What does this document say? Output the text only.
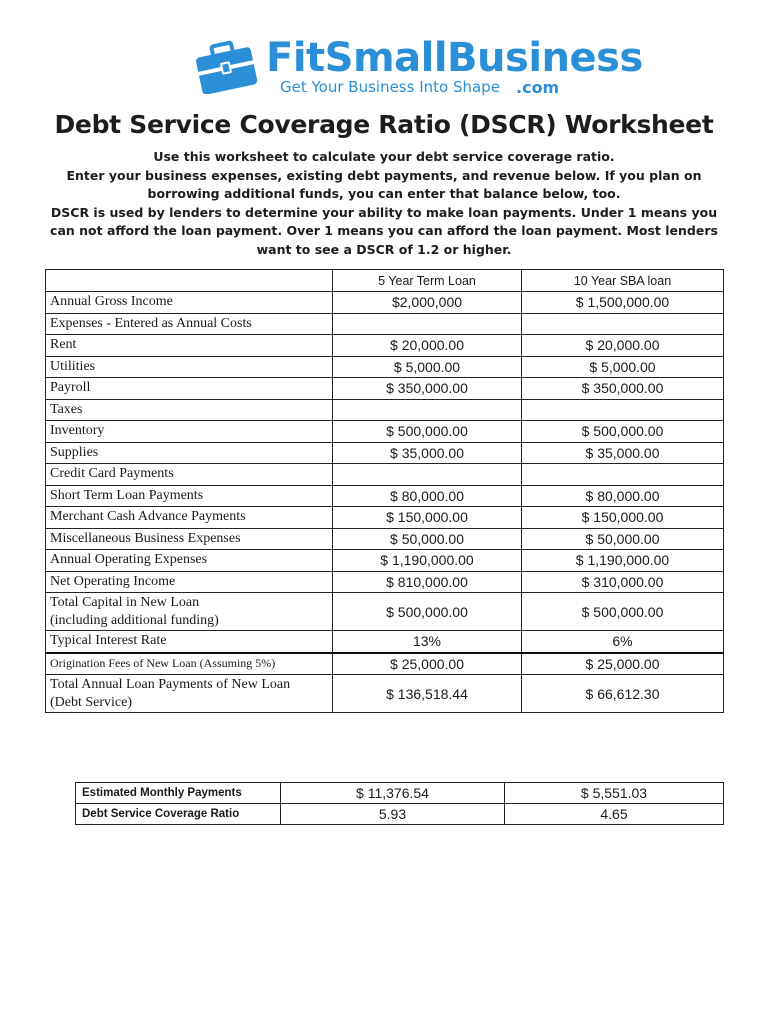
FitSmallBusiness
Get Your Business Into Shape .com
Debt Service Coverage Ratio (DSCR) Worksheet

Use this worksheet to calculate your debt service coverage ratio.

Enter your business expenses, existing debt payments, and revenue below. If you plan on borrowing additional funds, you can enter that balance below, too.

DSCR is used by lenders to determine your ability to make loan payments. Under 1 means you can not afford the loan payment. Over 1 means you can afford the loan payment. Most lenders want to see a DSCR of 1.2 or higher.

	5 Year Term Loan	10 Year SBA loan
Annual Gross Income	$2,000,000	$ 1,500,000.00
Expenses - Entered as Annual Costs		
Rent	$ 20,000.00	$ 20,000.00
Utilities	$ 5,000.00	$ 5,000.00
Payroll	$ 350,000.00	$ 350,000.00
Taxes		
Inventory	$ 500,000.00	$ 500,000.00
Supplies	$ 35,000.00	$ 35,000.00
Credit Card Payments		
Short Term Loan Payments	$ 80,000.00	$ 80,000.00
Merchant Cash Advance Payments	$ 150,000.00	$ 150,000.00
Miscellaneous Business Expenses	$ 50,000.00	$ 50,000.00
Annual Operating Expenses	$ 1,190,000.00	$ 1,190,000.00
Net Operating Income	$ 810,000.00	$ 310,000.00
Total Capital in New Loan
(including additional funding)	$ 500,000.00	$ 500,000.00
Typical Interest Rate	13%	6%
Origination Fees of New Loan (Assuming 5%)	$ 25,000.00	$ 25,000.00
Total Annual Loan Payments of New Loan
(Debt Service)	$ 136,518.44	$ 66,612.30
Estimated Monthly Payments	$ 11,376.54	$ 5,551.03
Debt Service Coverage Ratio	5.93	4.65
